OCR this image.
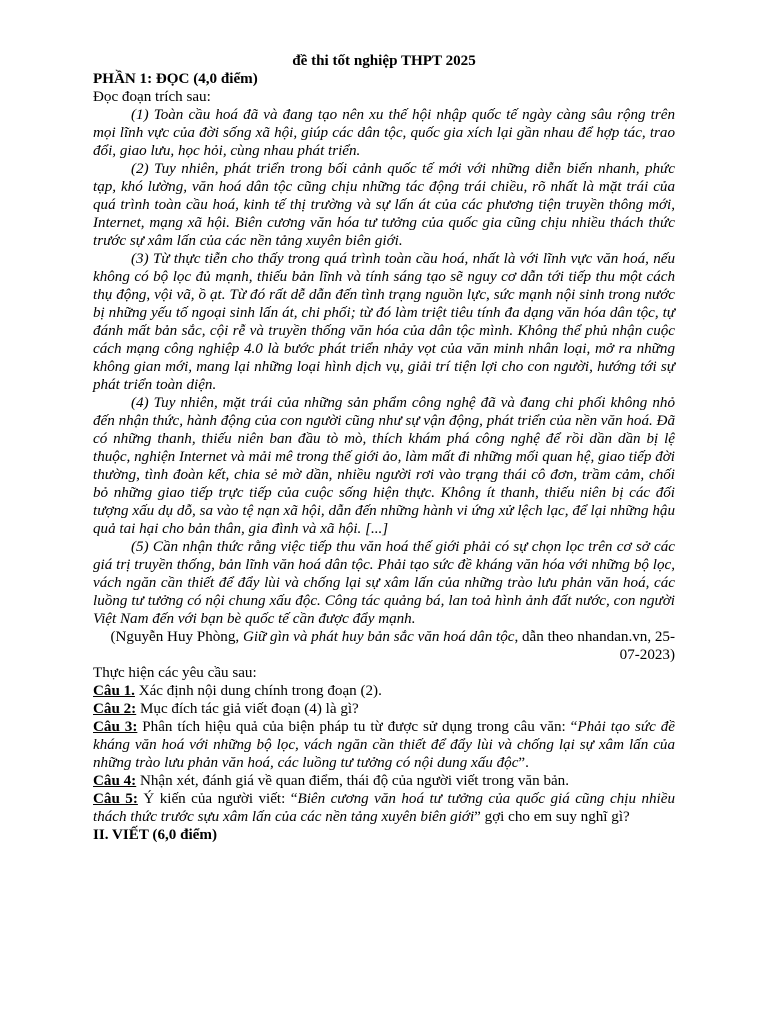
đề thi tốt nghiệp THPT 2025

PHẦN 1: ĐỌC (4,0 điểm)

Đọc đoạn trích sau:

(1) Toàn cầu hoá đã và đang tạo nên xu thế hội nhập quốc tế ngày càng sâu rộng trên mọi lĩnh vực của đời sống xã hội, giúp các dân tộc, quốc gia xích lại gần nhau để hợp tác, trao đổi, giao lưu, học hỏi, cùng nhau phát triển.

(2) Tuy nhiên, phát triển trong bối cảnh quốc tế mới với những diễn biến nhanh, phức tạp, khó lường, văn hoá dân tộc cũng chịu những tác động trái chiều, rõ nhất là mặt trái của quá trình toàn cầu hoá, kinh tế thị trường và sự lấn át của các phương tiện truyền thông mới, Internet, mạng xã hội. Biên cương văn hóa tư tưởng của quốc gia cũng chịu nhiều thách thức trước sự xâm lấn của các nền tảng xuyên biên giới.

(3) Từ thực tiễn cho thấy trong quá trình toàn cầu hoá, nhất là với lĩnh vực văn hoá, nếu không có bộ lọc đủ mạnh, thiếu bản lĩnh và tính sáng tạo sẽ nguy cơ dẫn tới tiếp thu một cách thụ động, vội vã, ồ ạt. Từ đó rất dễ dẫn đến tình trạng nguồn lực, sức mạnh nội sinh trong nước bị những yếu tố ngoại sinh lấn át, chi phối; từ đó làm triệt tiêu tính đa dạng văn hóa dân tộc, tự đánh mất bản sắc, cội rễ và truyền thống văn hóa của dân tộc mình. Không thể phủ nhận cuộc cách mạng công nghiệp 4.0 là bước phát triển nhảy vọt của văn minh nhân loại, mở ra những không gian mới, mang lại những loại hình dịch vụ, giải trí tiện lợi cho con người, hướng tới sự phát triển toàn diện.

(4) Tuy nhiên, mặt trái của những sản phẩm công nghệ đã và đang chi phối không nhỏ đến nhận thức, hành động của con người cũng như sự vận động, phát triển của nền văn hoá. Đã có những thanh, thiếu niên ban đầu tò mò, thích khám phá công nghệ để rồi dần dần bị lệ thuộc, nghiện Internet và mải mê trong thế giới ảo, làm mất đi những mối quan hệ, giao tiếp đời thường, tình đoàn kết, chia sẻ mờ dần, nhiều người rơi vào trạng thái cô đơn, trầm cảm, chối bỏ những giao tiếp trực tiếp của cuộc sống hiện thực. Không ít thanh, thiếu niên bị các đối tượng xấu dụ dỗ, sa vào tệ nạn xã hội, dẫn đến những hành vi ứng xử lệch lạc, để lại những hậu quả tai hại cho bản thân, gia đình và xã hội. [...]

(5) Cần nhận thức rằng việc tiếp thu văn hoá thế giới phải có sự chọn lọc trên cơ sở các giá trị truyền thống, bản lĩnh văn hoá dân tộc. Phải tạo sức đề kháng văn hóa với những bộ lọc, vách ngăn cần thiết để đẩy lùi và chống lại sự xâm lấn của những trào lưu phản văn hoá, các luồng tư tưởng có nội chung xấu độc. Công tác quảng bá, lan toả hình ảnh đất nước, con người Việt Nam đến với bạn bè quốc tế cần được đẩy mạnh.

(Nguyễn Huy Phòng, Giữ gìn và phát huy bản sắc văn hoá dân tộc, dẫn theo nhandan.vn, 25-07-2023)

Thực hiện các yêu cầu sau:

Câu 1. Xác định nội dung chính trong đoạn (2).

Câu 2: Mục đích tác giả viết đoạn (4) là gì?

Câu 3: Phân tích hiệu quả của biện pháp tu từ được sử dụng trong câu văn: “Phải tạo sức đề kháng văn hoá với những bộ lọc, vách ngăn cần thiết để đẩy lùi và chống lại sự xâm lấn của những trào lưu phản văn hoá, các luồng tư tưởng có nội dung xấu độc”.

Câu 4: Nhận xét, đánh giá về quan điểm, thái độ của người viết trong văn bản.

Câu 5: Ý kiến của người viết: “Biên cương văn hoá tư tưởng của quốc giá cũng chịu nhiều thách thức trước sựu xâm lấn của các nền tảng xuyên biên giới” gợi cho em suy nghĩ gì?

II. VIẾT (6,0 điểm)
